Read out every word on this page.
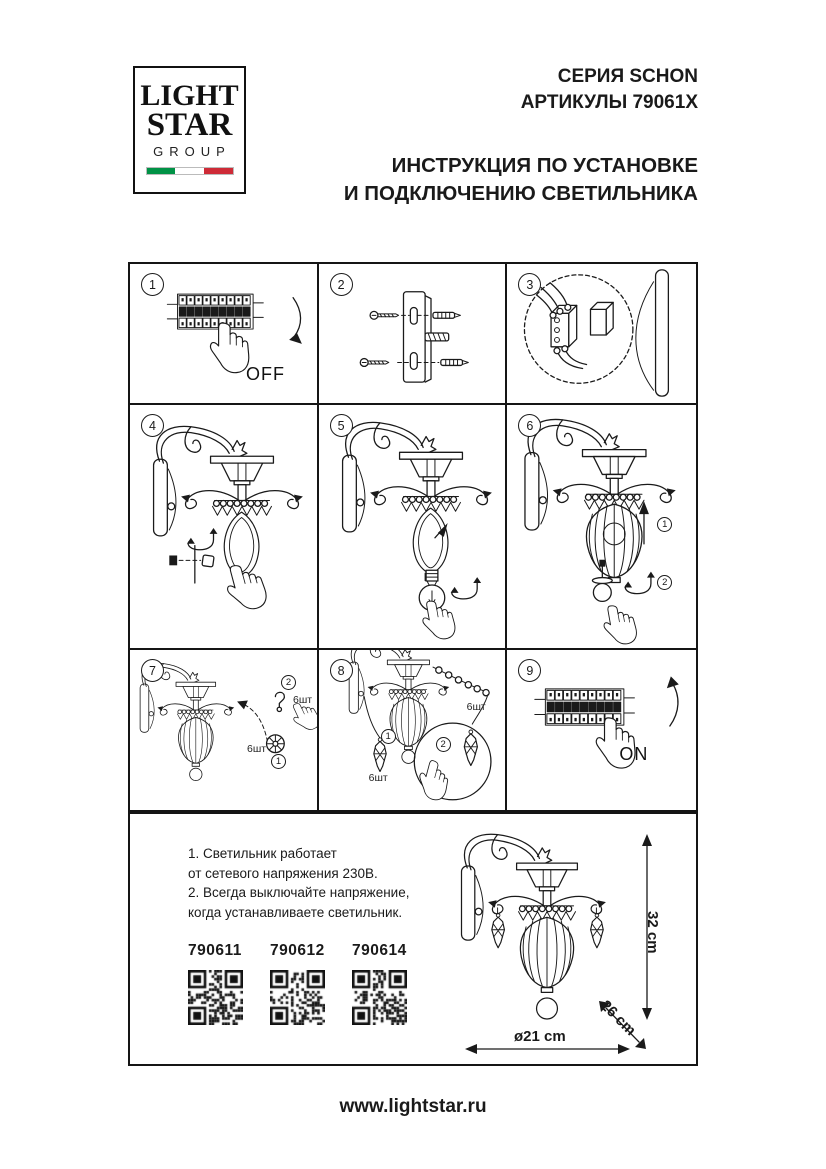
LIGHT
STAR
GROUP
СЕРИЯ SCHON
АРТИКУЛЫ 79061X
ИНСТРУКЦИЯ ПО УСТАНОВКЕ
И ПОДКЛЮЧЕНИЮ СВЕТИЛЬНИКА
1
OFF
2	3
4	5	6
1
2
7
2
6шт
6шт
1
8
6шт
1
6шт
2
9
ON
1. Светильник работает
от сетевого напряжения 230В.
2. Всегда выключайте напряжение,
когда устанавливаете светильник.
790611	790612	790614	32 cm
26 cm
ø21 cm
www.lightstar.ru
